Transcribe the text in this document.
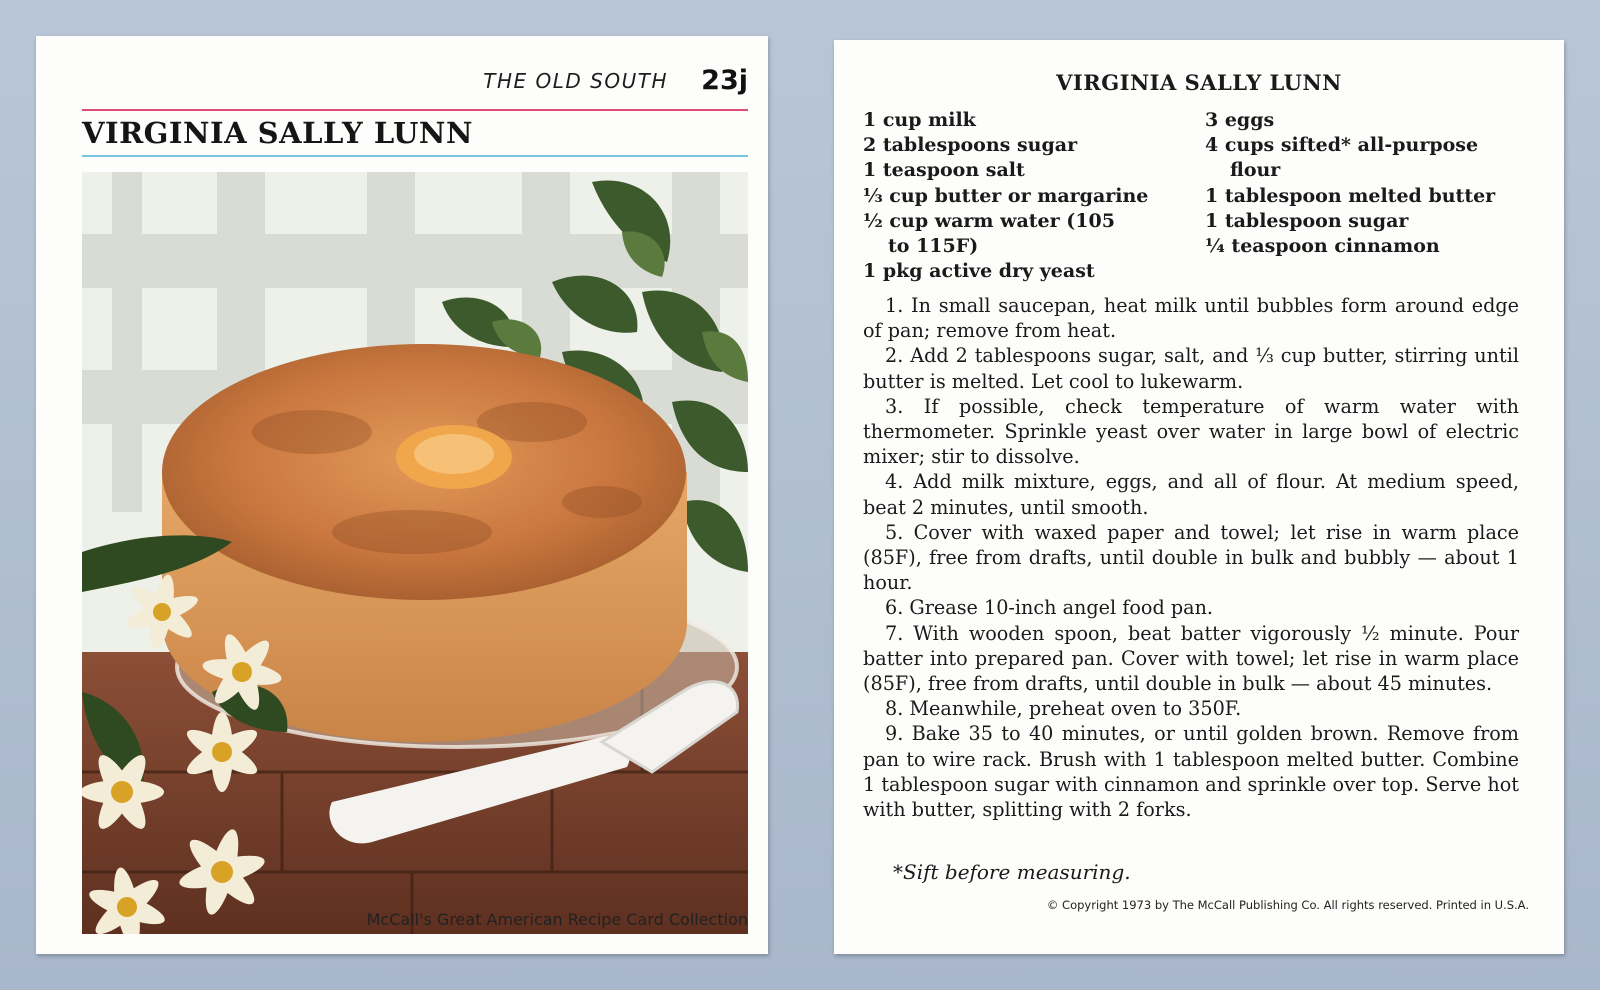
THE OLD SOUTH 23j
VIRGINIA SALLY LUNN
McCall's Great American Recipe Card Collection
VIRGINIA SALLY LUNN
1 cup milk
2 tablespoons sugar
1 teaspoon salt
⅓ cup butter or margarine
½ cup warm water (105
to 115F)
1 pkg active dry yeast
3 eggs
4 cups sifted* all-purpose
flour
1 tablespoon melted butter
1 tablespoon sugar
¼ teaspoon cinnamon
1. In small saucepan, heat milk until bubbles form around edge of pan; remove from heat.
2. Add 2 tablespoons sugar, salt, and ⅓ cup butter, stirring until butter is melted. Let cool to lukewarm.
3. If possible, check temperature of warm water with thermometer. Sprinkle yeast over water in large bowl of electric mixer; stir to dissolve.
4. Add milk mixture, eggs, and all of flour. At medium speed, beat 2 minutes, until smooth.
5. Cover with waxed paper and towel; let rise in warm place (85F), free from drafts, until double in bulk and bubbly — about 1 hour.
6. Grease 10-inch angel food pan.
7. With wooden spoon, beat batter vigorously ½ minute. Pour batter into prepared pan. Cover with towel; let rise in warm place (85F), free from drafts, until double in bulk — about 45 minutes.
8. Meanwhile, preheat oven to 350F.
9. Bake 35 to 40 minutes, or until golden brown. Remove from pan to wire rack. Brush with 1 tablespoon melted butter. Combine 1 tablespoon sugar with cinnamon and sprinkle over top. Serve hot with butter, splitting with 2 forks.
*Sift before measuring.
© Copyright 1973 by The McCall Publishing Co. All rights reserved. Printed in U.S.A.
